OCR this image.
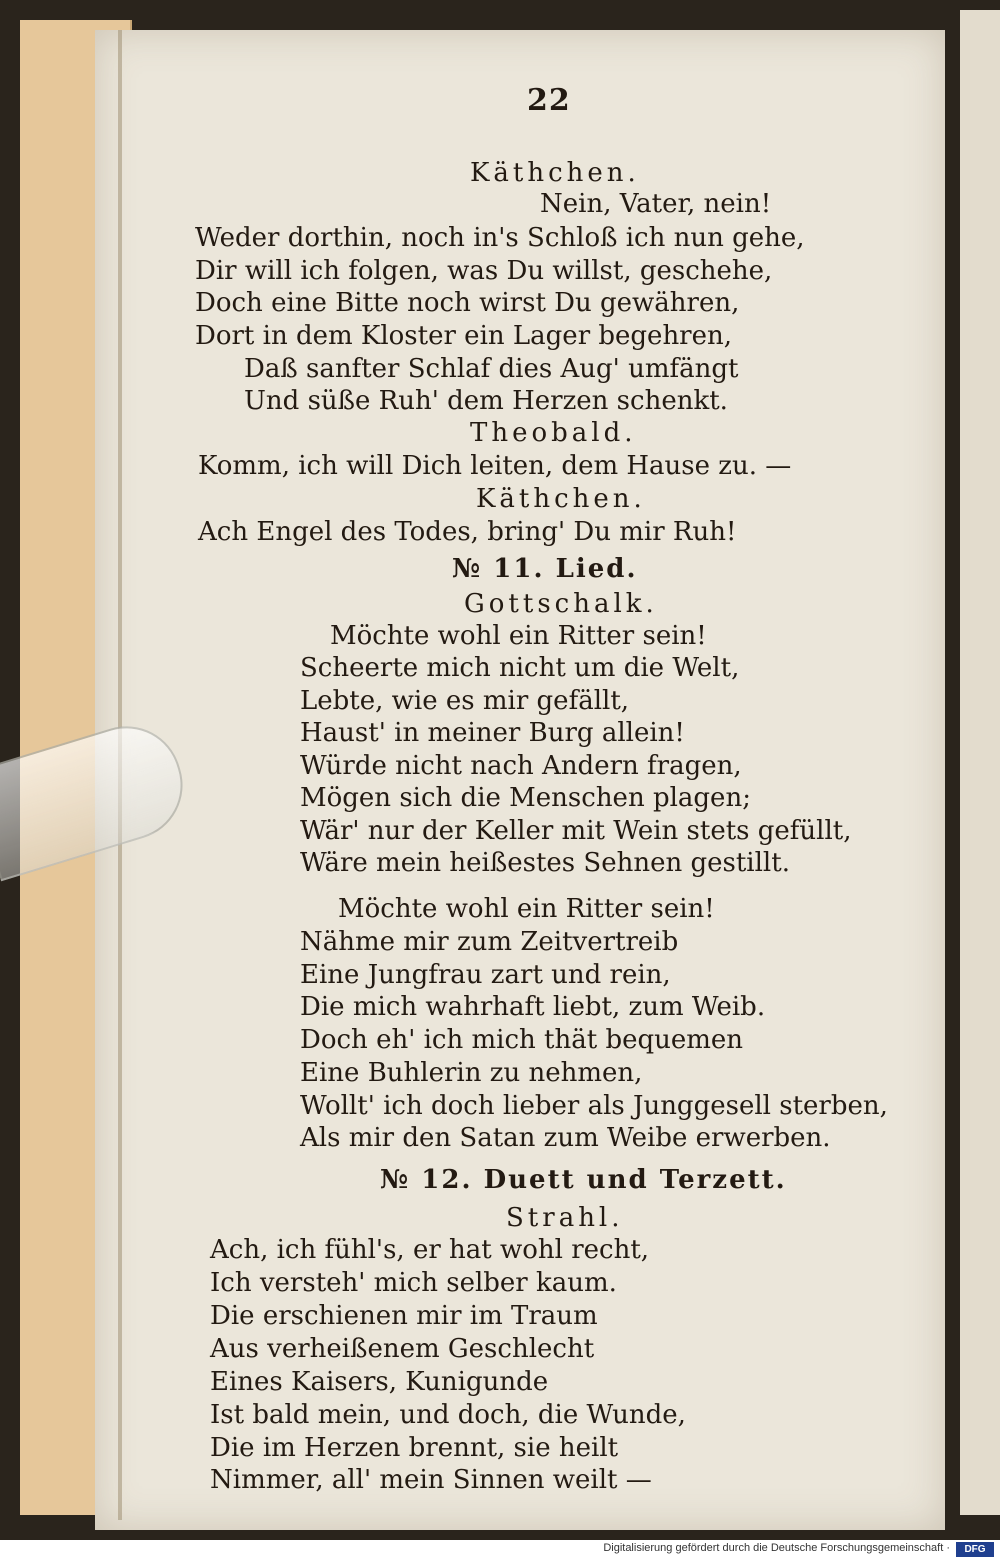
22
Käthchen.
Nein, Vater, nein!
Weder dorthin, noch in's Schloß ich nun gehe,
Dir will ich folgen, was Du willst, geschehe,
Doch eine Bitte noch wirst Du gewähren,
Dort in dem Kloster ein Lager begehren,
Daß sanfter Schlaf dies Aug' umfängt
Und süße Ruh' dem Herzen schenkt.
Theobald.
Komm, ich will Dich leiten, dem Hause zu. —
Käthchen.
Ach Engel des Todes, bring' Du mir Ruh!
№ 11. Lied.
Gottschalk.
Möchte wohl ein Ritter sein!
Scheerte mich nicht um die Welt,
Lebte, wie es mir gefällt,
Haust' in meiner Burg allein!
Würde nicht nach Andern fragen,
Mögen sich die Menschen plagen;
Wär' nur der Keller mit Wein stets gefüllt,
Wäre mein heißestes Sehnen gestillt.
Möchte wohl ein Ritter sein!
Nähme mir zum Zeitvertreib
Eine Jungfrau zart und rein,
Die mich wahrhaft liebt, zum Weib.
Doch eh' ich mich thät bequemen
Eine Buhlerin zu nehmen,
Wollt' ich doch lieber als Junggesell sterben,
Als mir den Satan zum Weibe erwerben.
№ 12. Duett und Terzett.
Strahl.
Ach, ich fühl's, er hat wohl recht,
Ich versteh' mich selber kaum.
Die erschienen mir im Traum
Aus verheißenem Geschlecht
Eines Kaisers, Kunigunde
Ist bald mein, und doch, die Wunde,
Die im Herzen brennt, sie heilt
Nimmer, all' mein Sinnen weilt —
Digitalisierung gefördert durch die Deutsche Forschungsgemeinschaft ·	DFG
